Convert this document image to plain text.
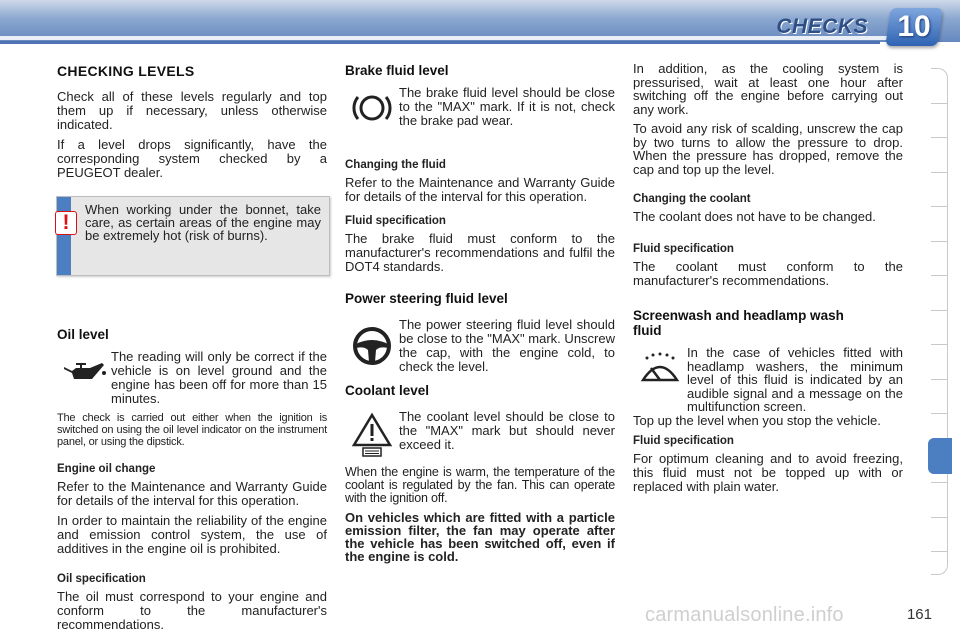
CHECKS 10
CHECKING LEVELS

Check all of these levels regularly and top them up if necessary, unless otherwise indicated.

If a level drops significantly, have the corresponding system checked by a PEUGEOT dealer.

Oil level

The reading will only be correct if the vehicle is on level ground and the engine has been off for more than 15 minutes.

The check is carried out either when the ignition is switched on using the oil level indicator on the instrument panel, or using the dipstick.

Engine oil change

Refer to the Maintenance and Warranty Guide for details of the interval for this operation.

In order to maintain the reliability of the engine and emission control system, the use of additives in the engine oil is prohibited.

Oil specification

The oil must correspond to your engine and conform to the manufacturer's recommendations.

!

When working under the bonnet, take care, as certain areas of the engine may be extremely hot (risk of burns).

Brake fluid level

The brake fluid level should be close to the "MAX" mark. If it is not, check the brake pad wear.

Changing the fluid

Refer to the Maintenance and Warranty Guide for details of the interval for this operation.

Fluid specification

The brake fluid must conform to the manufacturer's recommendations and fulfil the DOT4 standards.

Power steering fluid level

The power steering fluid level should be close to the "MAX" mark. Unscrew the cap, with the engine cold, to check the level.

Coolant level

The coolant level should be close to the "MAX" mark but should never exceed it.

When the engine is warm, the temperature of the coolant is regulated by the fan. This can operate with the ignition off.

On vehicles which are fitted with a particle emission filter, the fan may operate after the vehicle has been switched off, even if the engine is cold.

In addition, as the cooling system is pressurised, wait at least one hour after switching off the engine before carrying out any work.

To avoid any risk of scalding, unscrew the cap by two turns to allow the pressure to drop. When the pressure has dropped, remove the cap and top up the level.

Changing the coolant

The coolant does not have to be changed.

Fluid specification

The coolant must conform to the manufacturer's recommendations.

Screenwash and headlamp wash fluid

In the case of vehicles fitted with headlamp washers, the minimum level of this fluid is indicated by an audible signal and a message on the multifunction screen.

Top up the level when you stop the vehicle.

Fluid specification

For optimum cleaning and to avoid freezing, this fluid must not be topped up with or replaced with plain water.

carmanualsonline.info	161
